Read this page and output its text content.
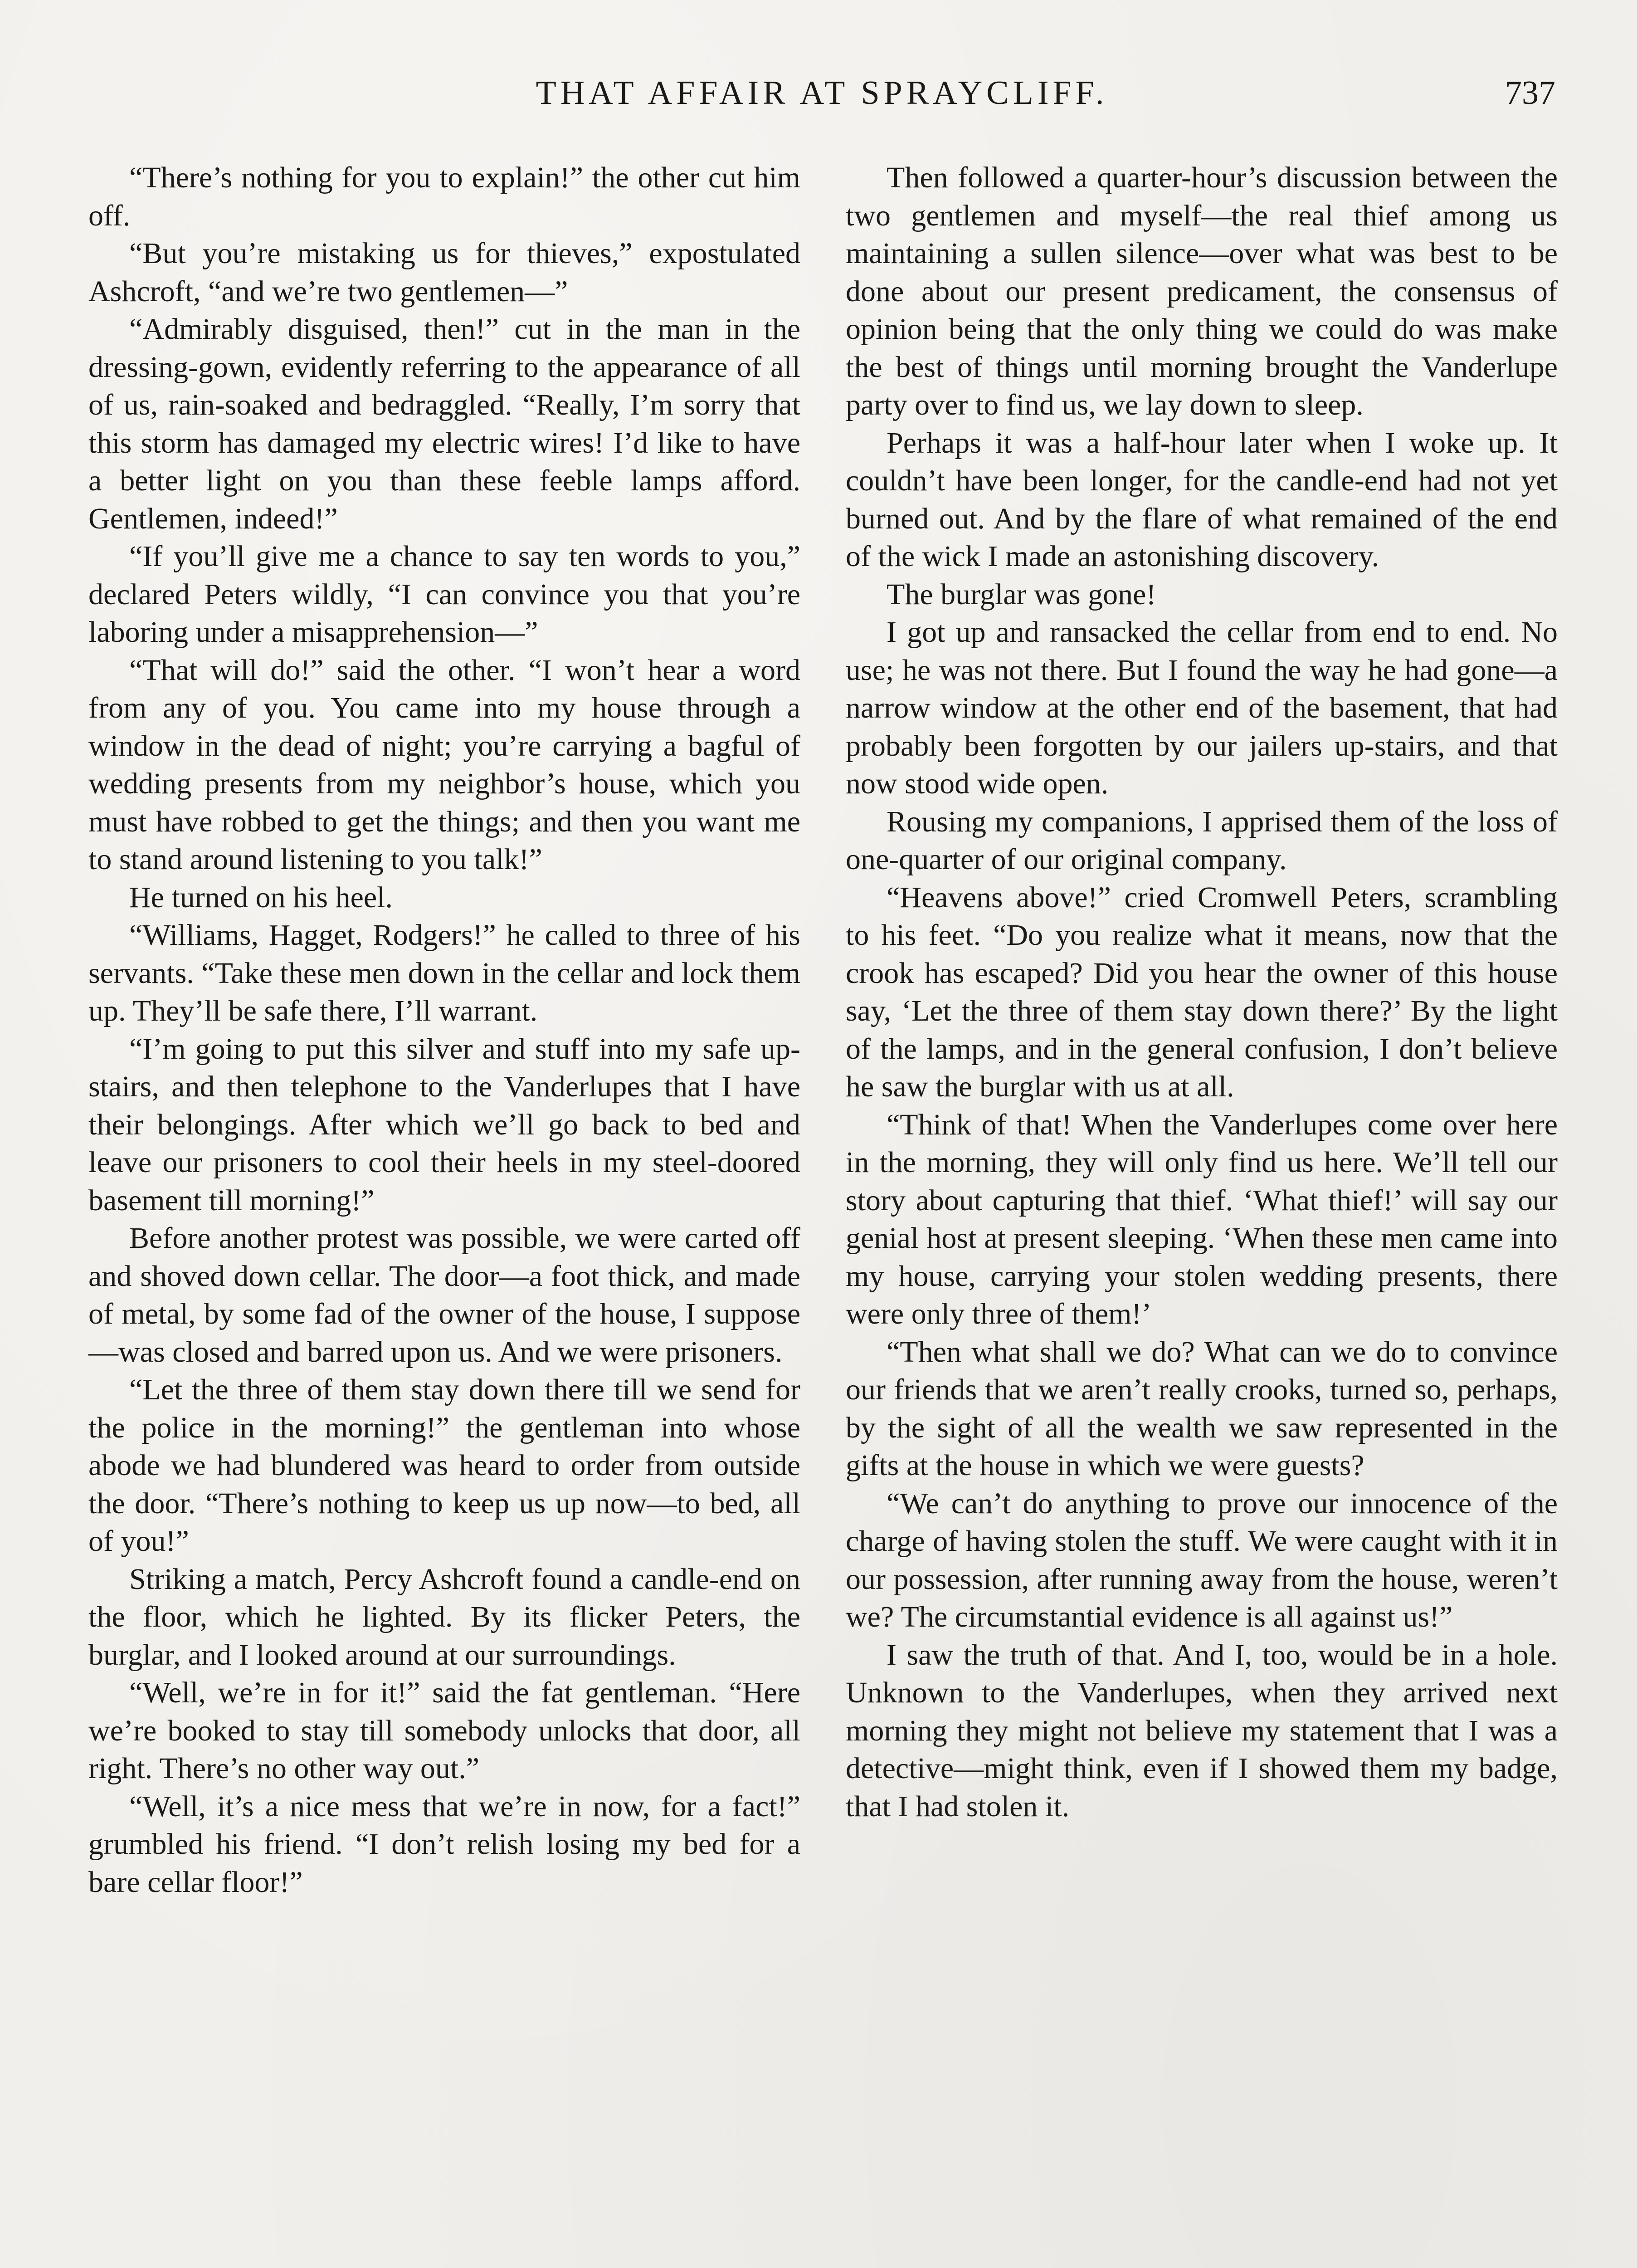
THAT AFFAIR AT SPRAYCLIFF.	737

“There’s nothing for you to explain!” the other cut him off.

“But you’re mistaking us for thieves,” expostulated Ashcroft, “and we’re two gentlemen—”

“Admirably disguised, then!” cut in the man in the dressing-gown, evidently referring to the appearance of all of us, rain-soaked and bedraggled. “Really, I’m sorry that this storm has damaged my electric wires! I’d like to have a better light on you than these feeble lamps afford. Gentlemen, indeed!”

“If you’ll give me a chance to say ten words to you,” declared Peters wildly, “I can convince you that you’re laboring under a misapprehension—”

“That will do!” said the other. “I won’t hear a word from any of you. You came into my house through a window in the dead of night; you’re carrying a bagful of wedding presents from my neighbor’s house, which you must have robbed to get the things; and then you want me to stand around listening to you talk!”

He turned on his heel.

“Williams, Hagget, Rodgers!” he called to three of his servants. “Take these men down in the cellar and lock them up. They’ll be safe there, I’ll warrant.

“I’m going to put this silver and stuff into my safe up-stairs, and then telephone to the Vanderlupes that I have their belongings. After which we’ll go back to bed and leave our prisoners to cool their heels in my steel-doored basement till morning!”

Before another protest was possible, we were carted off and shoved down cellar. The door—a foot thick, and made of metal, by some fad of the owner of the house, I suppose—was closed and barred upon us. And we were prisoners.

“Let the three of them stay down there till we send for the police in the morning!” the gentleman into whose abode we had blundered was heard to order from outside the door. “There’s nothing to keep us up now—to bed, all of you!”

Striking a match, Percy Ashcroft found a candle-end on the floor, which he lighted. By its flicker Peters, the burglar, and I looked around at our surroundings.

“Well, we’re in for it!” said the fat gentleman. “Here we’re booked to stay till somebody unlocks that door, all right. There’s no other way out.”

“Well, it’s a nice mess that we’re in now, for a fact!” grumbled his friend. “I don’t relish losing my bed for a bare cellar floor!”

Then followed a quarter-hour’s discussion between the two gentlemen and myself—the real thief among us maintaining a sullen silence—over what was best to be done about our present predicament, the consensus of opinion being that the only thing we could do was make the best of things until morning brought the Vanderlupe party over to find us, we lay down to sleep.

Perhaps it was a half-hour later when I woke up. It couldn’t have been longer, for the candle-end had not yet burned out. And by the flare of what remained of the end of the wick I made an astonishing discovery.

The burglar was gone!

I got up and ransacked the cellar from end to end. No use; he was not there. But I found the way he had gone—a narrow window at the other end of the basement, that had probably been forgotten by our jailers up-stairs, and that now stood wide open.

Rousing my companions, I apprised them of the loss of one-quarter of our original company.

“Heavens above!” cried Cromwell Peters, scrambling to his feet. “Do you realize what it means, now that the crook has escaped? Did you hear the owner of this house say, ‘Let the three of them stay down there?’ By the light of the lamps, and in the general confusion, I don’t believe he saw the burglar with us at all.

“Think of that! When the Vanderlupes come over here in the morning, they will only find us here. We’ll tell our story about capturing that thief. ‘What thief!’ will say our genial host at present sleeping. ‘When these men came into my house, carrying your stolen wedding presents, there were only three of them!’

“Then what shall we do? What can we do to convince our friends that we aren’t really crooks, turned so, perhaps, by the sight of all the wealth we saw represented in the gifts at the house in which we were guests?

“We can’t do anything to prove our innocence of the charge of having stolen the stuff. We were caught with it in our possession, after running away from the house, weren’t we? The circumstantial evidence is all against us!”

I saw the truth of that. And I, too, would be in a hole. Unknown to the Vanderlupes, when they arrived next morning they might not believe my statement that I was a detective—might think, even if I showed them my badge, that I had stolen it.
